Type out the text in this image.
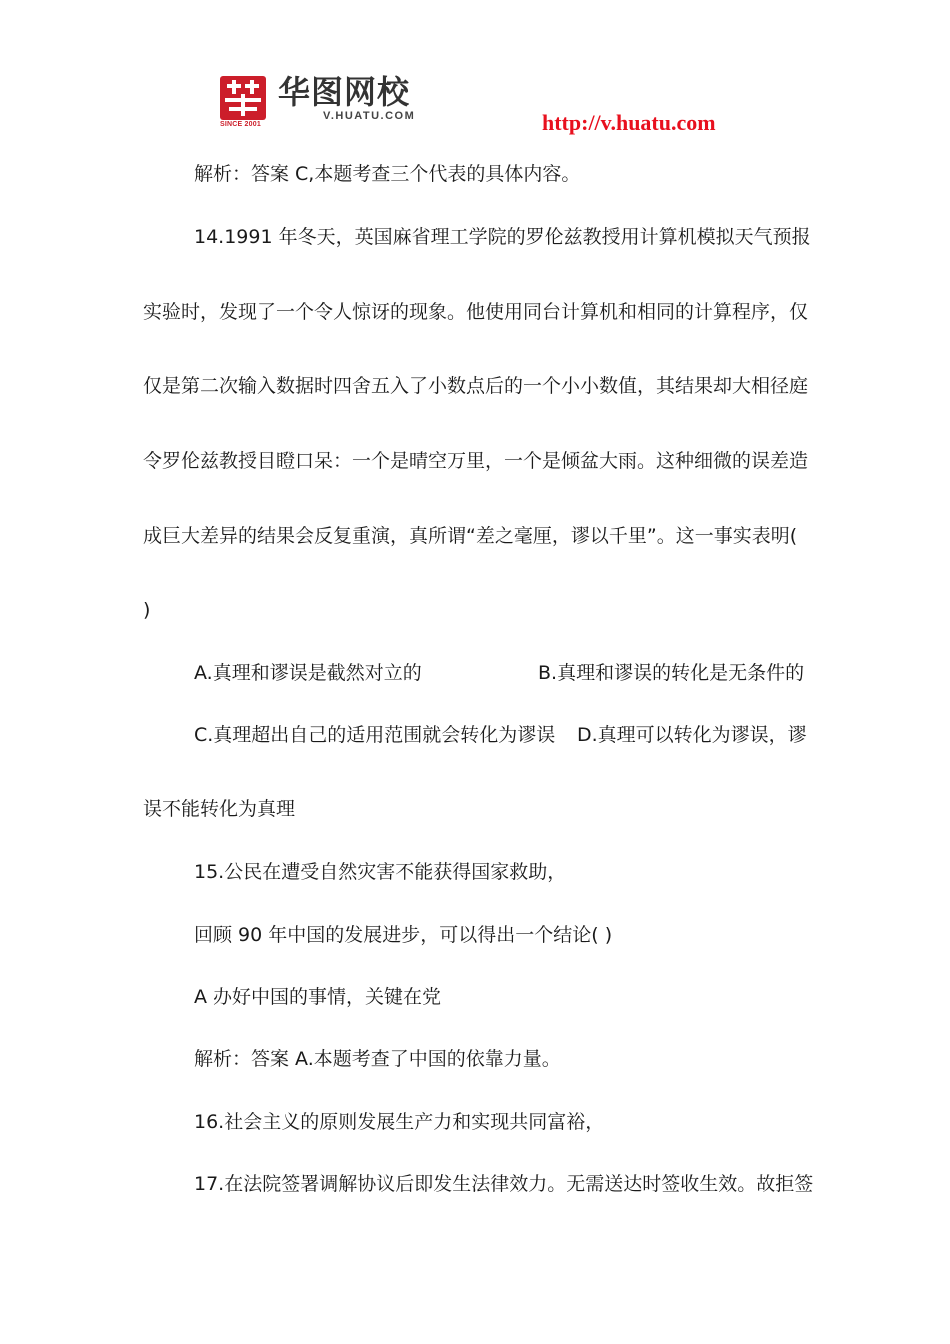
SINCE 2001
华图网校
V.HUATU.COM	http://v.huatu.com

解析：答案 C,本题考查三个代表的具体内容。

14.1991 年冬天，英国麻省理工学院的罗伦兹教授用计算机模拟天气预报

实验时，发现了一个令人惊讶的现象。他使用同台计算机和相同的计算程序，仅

仅是第二次输入数据时四舍五入了小数点后的一个小小数值，其结果却大相径庭

令罗伦兹教授目瞪口呆：一个是晴空万里，一个是倾盆大雨。这种细微的误差造

成巨大差异的结果会反复重演，真所谓“差之毫厘，谬以千里”。这一事实表明(

)

A.真理和谬误是截然对立的	B.真理和谬误的转化是无条件的

C.真理超出自己的适用范围就会转化为谬误 D.真理可以转化为谬误，谬

误不能转化为真理

15.公民在遭受自然灾害不能获得国家救助，

回顾 90 年中国的发展进步，可以得出一个结论( )

A 办好中国的事情，关键在党

解析：答案 A.本题考查了中国的依靠力量。

16.社会主义的原则发展生产力和实现共同富裕，

17.在法院签署调解协议后即发生法律效力。无需送达时签收生效。故拒签
